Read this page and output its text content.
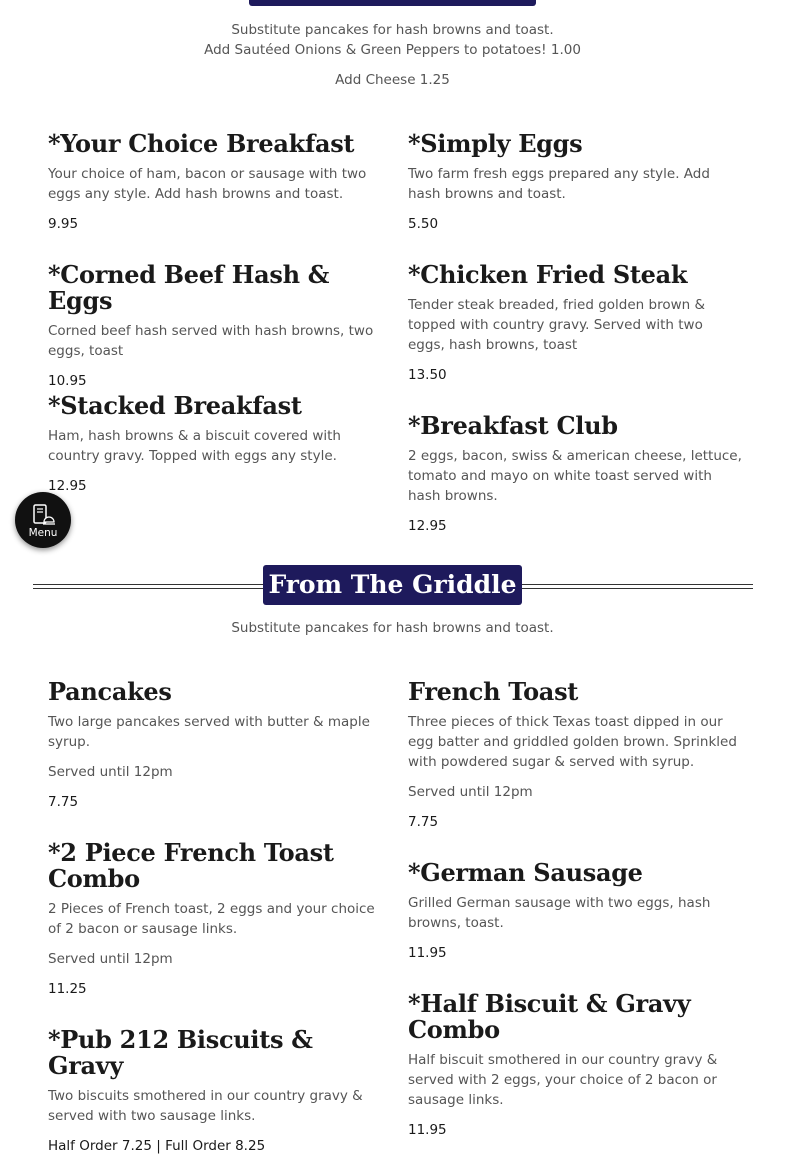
Substitute pancakes for hash browns and toast.
Add Sautéed Onions & Green Peppers to potatoes! 1.00
Add Cheese 1.25
*Your Choice Breakfast

Your choice of ham, bacon or sausage with two eggs any style. Add hash browns and toast.

9.95

*Simply Eggs

Two farm fresh eggs prepared any style. Add hash browns and toast.

5.50

*Corned Beef Hash & Eggs

Corned beef hash served with hash browns, two eggs, toast

10.95

*Chicken Fried Steak

Tender steak breaded, fried golden brown & topped with country gravy. Served with two eggs, hash browns, toast

13.50

*Stacked Breakfast

Ham, hash browns & a biscuit covered with country gravy. Topped with eggs any style.

12.95

*Breakfast Club

2 eggs, bacon, swiss & american cheese, lettuce, tomato and mayo on white toast served with hash browns.

12.95

From The Griddle
Substitute pancakes for hash browns and toast.
Pancakes

Two large pancakes served with butter & maple syrup.

Served until 12pm

7.75

French Toast

Three pieces of thick Texas toast dipped in our egg batter and griddled golden brown. Sprinkled with powdered sugar & served with syrup.

Served until 12pm

7.75

*2 Piece French Toast Combo

2 Pieces of French toast, 2 eggs and your choice of 2 bacon or sausage links.

Served until 12pm

11.25

*German Sausage

Grilled German sausage with two eggs, hash browns, toast.

11.95

*Pub 212 Biscuits & Gravy

Two biscuits smothered in our country gravy & served with two sausage links.

Half Order 7.25 | Full Order 8.25

*Half Biscuit & Gravy Combo

Half biscuit smothered in our country gravy & served with 2 eggs, your choice of 2 bacon or sausage links.

11.95

Menu
